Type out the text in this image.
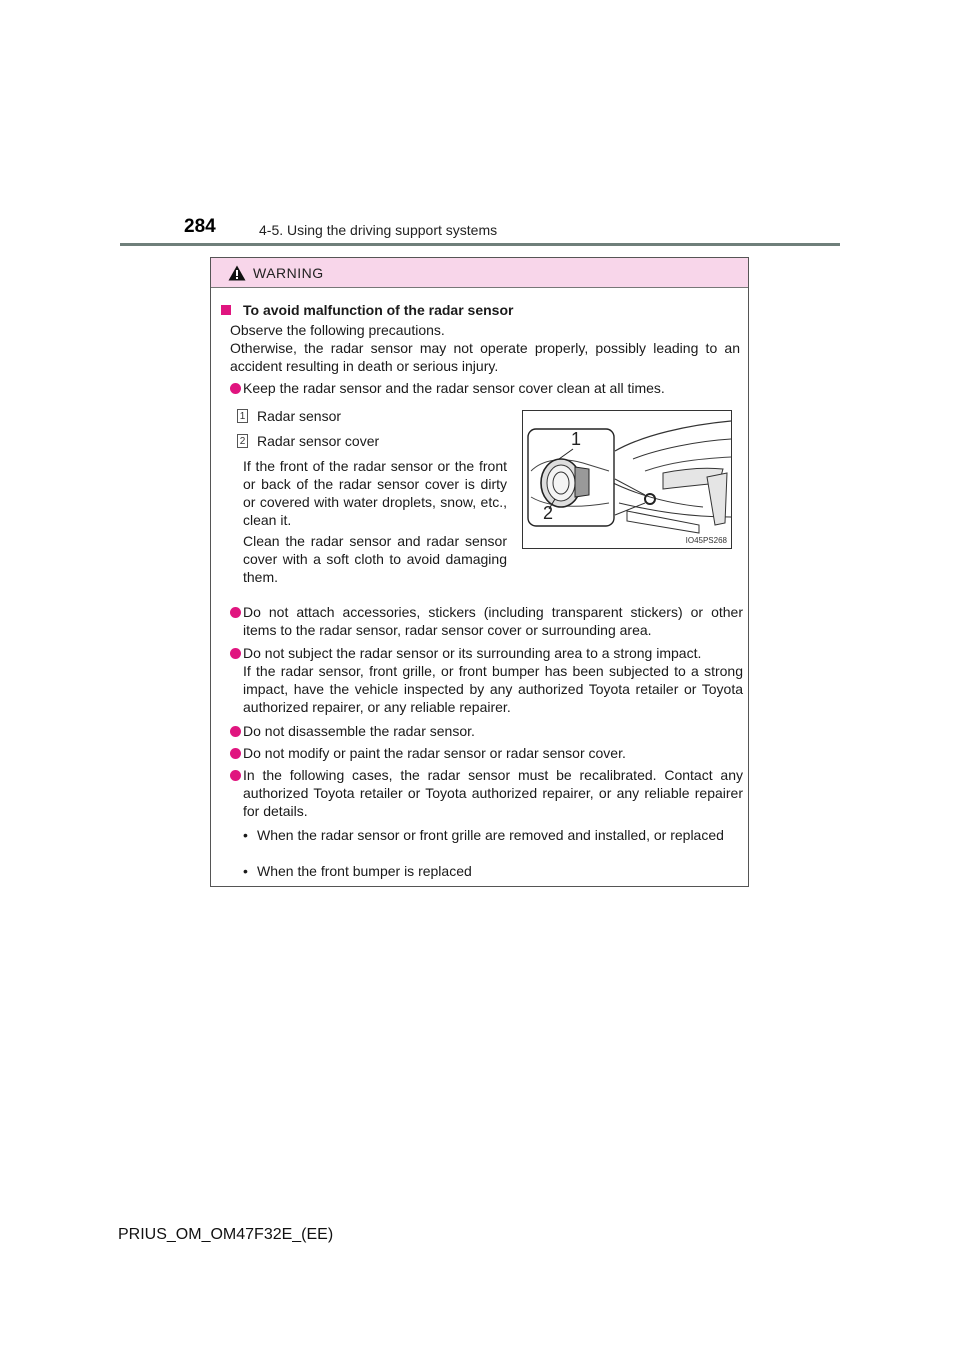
284	4-5. Using the driving support systems
WARNING
To avoid malfunction of the radar sensor
Observe the following precautions.
Otherwise, the radar sensor may not operate properly, possibly leading to an accident resulting in death or serious injury.
Keep the radar sensor and the radar sensor cover clean at all times.
1 Radar sensor
2 Radar sensor cover
If the front of the radar sensor or the front or back of the radar sensor cover is dirty or covered with water droplets, snow, etc., clean it.
Clean the radar sensor and radar sensor cover with a soft cloth to avoid damaging them.
Do not attach accessories, stickers (including transparent stickers) or other items to the radar sensor, radar sensor cover or surrounding area.
Do not subject the radar sensor or its surrounding area to a strong impact.
If the radar sensor, front grille, or front bumper has been subjected to a strong impact, have the vehicle inspected by any authorized Toyota retailer or Toyota authorized repairer, or any reliable repairer.
Do not disassemble the radar sensor.
Do not modify or paint the radar sensor or radar sensor cover.
In the following cases, the radar sensor must be recalibrated. Contact any authorized Toyota retailer or Toyota authorized repairer, or any reliable repairer for details.
• When the radar sensor or front grille are removed and installed, or replaced
• When the front bumper is replaced
1
2
IO45PS268
PRIUS_OM_OM47F32E_(EE)
